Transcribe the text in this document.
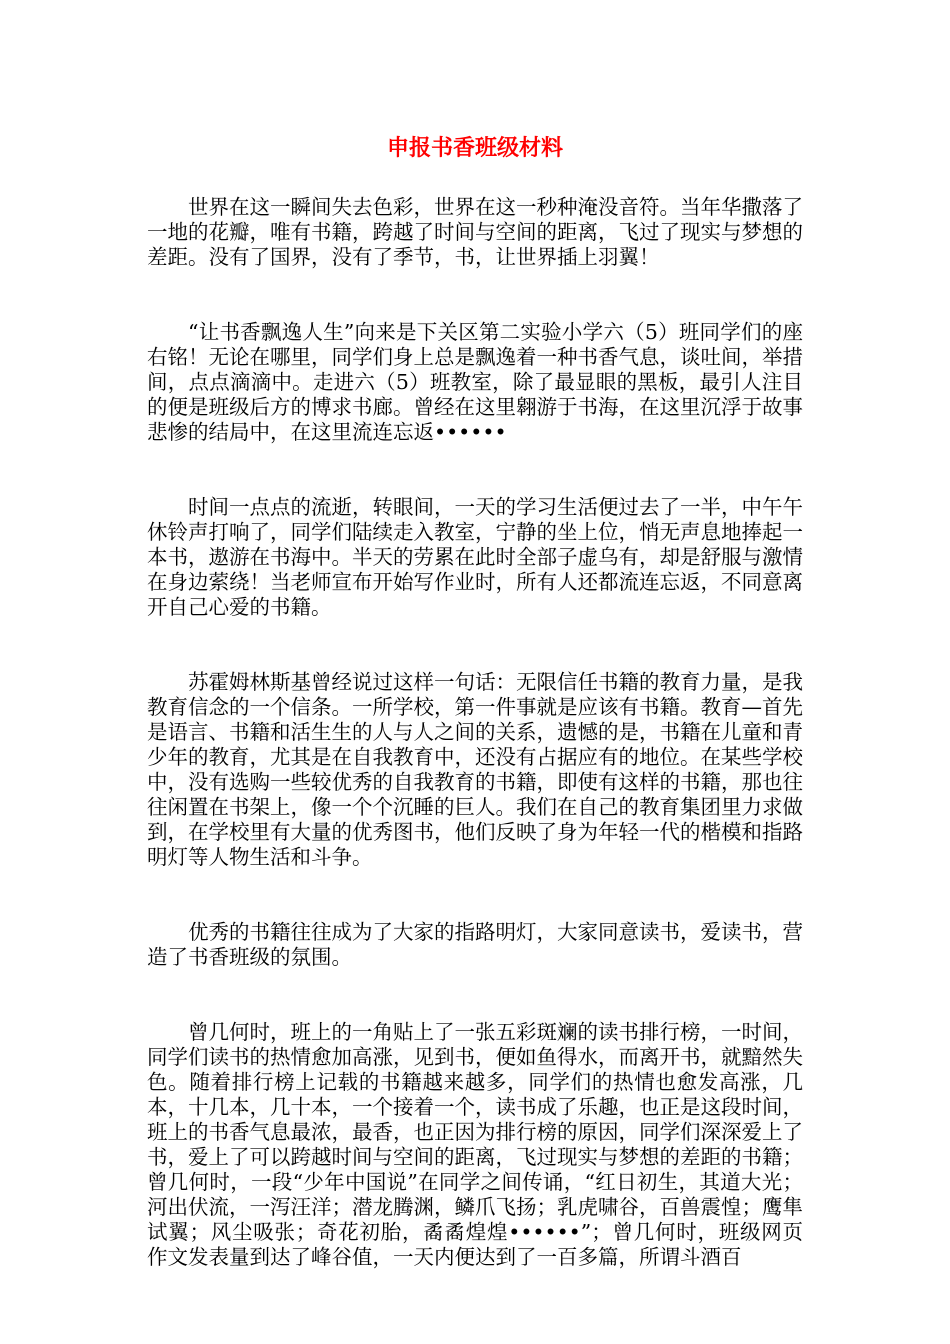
申报书香班级材料

世界在这一瞬间失去色彩，世界在这一秒种淹没音符。当年华撒落了一地的花瓣，唯有书籍，跨越了时间与空间的距离，飞过了现实与梦想的差距。没有了国界，没有了季节，书，让世界插上羽翼！

“让书香飘逸人生”向来是下关区第二实验小学六（5）班同学们的座右铭！无论在哪里，同学们身上总是飘逸着一种书香气息，谈吐间，举措间，点点滴滴中。走进六（5）班教室，除了最显眼的黑板，最引人注目的便是班级后方的博求书廊。曾经在这里翱游于书海，在这里沉浮于故事悲惨的结局中，在这里流连忘返••••••

时间一点点的流逝，转眼间，一天的学习生活便过去了一半，中午午休铃声打响了，同学们陆续走入教室，宁静的坐上位，悄无声息地捧起一本书，遨游在书海中。半天的劳累在此时全部子虚乌有，却是舒服与激情在身边萦绕！当老师宣布开始写作业时，所有人还都流连忘返，不同意离开自己心爱的书籍。

苏霍姆林斯基曾经说过这样一句话：无限信任书籍的教育力量，是我教育信念的一个信条。一所学校，第一件事就是应该有书籍。教育—首先是语言、书籍和活生生的人与人之间的关系，遗憾的是，书籍在儿童和青少年的教育，尤其是在自我教育中，还没有占据应有的地位。在某些学校中，没有选购一些较优秀的自我教育的书籍，即使有这样的书籍，那也往往闲置在书架上，像一个个沉睡的巨人。我们在自己的教育集团里力求做到，在学校里有大量的优秀图书，他们反映了身为年轻一代的楷模和指路明灯等人物生活和斗争。

优秀的书籍往往成为了大家的指路明灯，大家同意读书，爱读书，营造了书香班级的氛围。

曾几何时，班上的一角贴上了一张五彩斑斓的读书排行榜，一时间，同学们读书的热情愈加高涨，见到书，便如鱼得水，而离开书，就黯然失色。随着排行榜上记载的书籍越来越多，同学们的热情也愈发高涨，几本，十几本，几十本，一个接着一个，读书成了乐趣，也正是这段时间，班上的书香气息最浓，最香，也正因为排行榜的原因，同学们深深爱上了书，爱上了可以跨越时间与空间的距离，飞过现实与梦想的差距的书籍；曾几何时，一段“少年中国说”在同学之间传诵，“红日初生，其道大光；河出伏流，一泻汪洋；潜龙腾渊，鳞爪飞扬；乳虎啸谷，百兽震惶；鹰隼试翼；风尘吸张；奇花初胎，矞矞煌煌••••••”；曾几何时，班级网页作文发表量到达了峰谷值，一天内便达到了一百多篇，所谓斗酒百
